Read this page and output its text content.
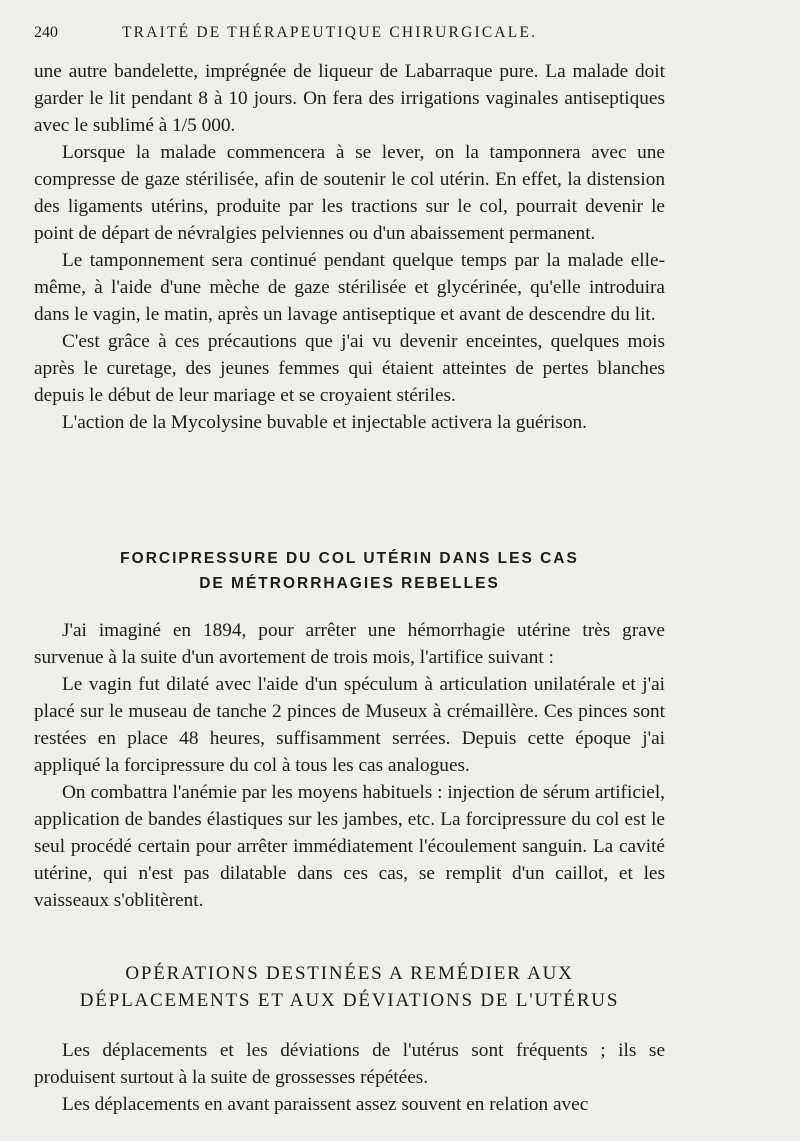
240	TRAITÉ DE THÉRAPEUTIQUE CHIRURGICALE.

une autre bandelette, imprégnée de liqueur de Labarraque pure. La malade doit garder le lit pendant 8 à 10 jours. On fera des irrigations vaginales antiseptiques avec le sublimé à 1/5 000.

Lorsque la malade commencera à se lever, on la tamponnera avec une compresse de gaze stérilisée, afin de soutenir le col utérin. En effet, la distension des ligaments utérins, produite par les tractions sur le col, pourrait devenir le point de départ de névralgies pelviennes ou d'un abaissement permanent.

Le tamponnement sera continué pendant quelque temps par la malade elle-même, à l'aide d'une mèche de gaze stérilisée et glycérinée, qu'elle introduira dans le vagin, le matin, après un lavage antiseptique et avant de descendre du lit.

C'est grâce à ces précautions que j'ai vu devenir enceintes, quelques mois après le curetage, des jeunes femmes qui étaient atteintes de pertes blanches depuis le début de leur mariage et se croyaient stériles.

L'action de la Mycolysine buvable et injectable activera la guérison.

FORCIPRESSURE DU COL UTÉRIN DANS LES CAS
DE MÉTRORRHAGIES REBELLES

J'ai imaginé en 1894, pour arrêter une hémorrhagie utérine très grave survenue à la suite d'un avortement de trois mois, l'artifice suivant :

Le vagin fut dilaté avec l'aide d'un spéculum à articulation unilatérale et j'ai placé sur le museau de tanche 2 pinces de Museux à crémaillère. Ces pinces sont restées en place 48 heures, suffisamment serrées. Depuis cette époque j'ai appliqué la forcipressure du col à tous les cas analogues.

On combattra l'anémie par les moyens habituels : injection de sérum artificiel, application de bandes élastiques sur les jambes, etc. La forcipressure du col est le seul procédé certain pour arrêter immédiatement l'écoulement sanguin. La cavité utérine, qui n'est pas dilatable dans ces cas, se remplit d'un caillot, et les vaisseaux s'oblitèrent.

OPÉRATIONS DESTINÉES A REMÉDIER AUX
DÉPLACEMENTS ET AUX DÉVIATIONS DE L'UTÉRUS

Les déplacements et les déviations de l'utérus sont fréquents ; ils se produisent surtout à la suite de grossesses répétées.

Les déplacements en avant paraissent assez souvent en relation avec
